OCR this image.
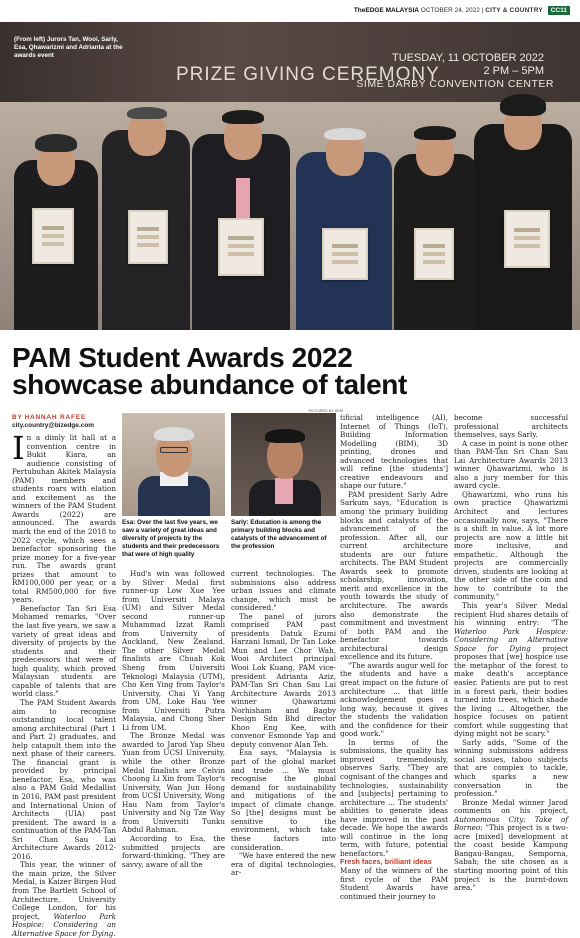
TheEDGE MALAYSIA OCTOBER 24, 2022 | CITY & COUNTRY CC11
PRIZE GIVING CEREMONY
TUESDAY, 11 OCTOBER 2022
2 PM – 5PM
SIME DARBY CONVENTION CENTER
(From left) Jurors Tan, Wooi, Sarly, Esa, Qhawarizmi and Adrianta at the awards event
PAM Student Awards 2022
showcase abundance of talent
BY HANNAH RAFEE
city.country@bizedge.com
PICTURES BY SKM

In a dimly lit hall at a convention centre in Bukit Kiara, an audience consisting of Pertubuhan Akitek Malaysia (PAM) members and students roars with elation and excitement as the winners of the PAM Student Awards (2022) are announced. The awards mark the end of the 2018 to 2022 cycle, which sees a benefactor sponsoring the prize money for a five-year run. The awards grant prizes that amount to RM100,000 per year, or a total RM500,000 for five years.

Benefactor Tan Sri Esa Mohamed remarks, "Over the last five years, we saw a variety of great ideas and diversity of projects by the students and their predecessors that were of high quality, which proved Malaysian students are capable of talents that are world class."

The PAM Student Awards aim to recognise outstanding local talent among architectural (Part 1 and Part 2) graduates, and help catapult them into the next phase of their careers. The financial grant is provided by principal benefactor, Esa, who was also a PAM Gold Medallist in 2016, PAM past president and International Union of Architects (UIA) past president. The award is a continuation of the PAM-Tan Sri Chan Sau Lai Architecture Awards 2012-2016.

This year, the winner of the main prize, the Silver Medal, is Kaizer Birgen Hud from The Bartlett School of Architecture, University College London, for his project, Waterloo Park Hospice: Considering an Alternative Space for Dying.

Esa: Over the last five years, we saw a variety of great ideas and diversity of projects by the students and their predecessors that were of high quality
Sarly: Education is among the primary building blocks and catalysts of the advancement of the profession

Hud's win was followed by Silver Medal first runner-up Low Xue Yee from Universiti Malaya (UM) and Silver Medal second runner-up Muhammad Izzat Ramli from University of Auckland, New Zealand. The other Silver Medal finalists are Chuah Kok Sheng from Universiti Teknologi Malaysia (UTM), Cho Ken Ying from Taylor's University, Chai Yi Yang from UM, Loke Hau Yee from Universiti Putra Malaysia, and Chong Sher Li from UM.

The Bronze Medal was awarded to Jarod Yap Sheu Yuan from UCSI University, while the other Bronze Medal finalists are Celvin Choong Li Xin from Taylor's University, Wan Jun Hong from UCSI University, Wong Hau Nam from Taylor's University and Ng Tze Way from Universiti Tunku Abdul Rahman.

According to Esa, the submitted projects are forward-thinking. "They are savvy, aware of all the

current technologies. The submissions also address urban issues and climate change, which must be considered."

The panel of jurors comprised PAM past presidents Datuk Ezumi Harzani Ismail, Dr Tan Loke Mun and Lee Chor Wah, Wooi Architect principal Wooi Lok Kuang, PAM vice-president Adrianta Aziz, PAM-Tan Sri Chan Sau Lai Architecture Awards 2013 winner Qhawarizmi Norhisham and Bagby Design Sdn Bhd director Khoo Eng Kee, with convenor Esmonde Yap and deputy convenor Alan Teh.

Esa says, "Malaysia is part of the global market and trade ... We must recognise the global demand for sustainability and mitigations of the impact of climate change. So [the] designs must be sensitive to the environment, which take these factors into consideration.

"We have entered the new era of digital technologies, ar-

tificial intelligence (AI), Internet of Things (IoT), Building Information Modelling (BIM), 3D printing, drones and advanced technologies that will refine [the students'] creative endeavours and shape our future."

PAM president Sarly Adre Sarkum says, "Education is among the primary building blocks and catalysts of the advancement of the profession. After all, our current architecture students are our future architects. The PAM Student Awards seek to promote scholarship, innovation, merit and excellence in the youth towards the study of architecture. The awards also demonstrate the commitment and investment of both PAM and the benefactor towards architectural design excellence and its future.

"The awards augur well for the students and have a great impact on the future of architecture ... that little acknowledgement goes a long way, because it gives the students the validation and the confidence for their good work."

In terms of the submissions, the quality has improved tremendously, observes Sarly. "They are cognisant of the changes and technologies, sustainability and [subjects] pertaining to architecture ... The students' abilities to generate ideas have improved in the past decade. We hope the awards will continue in the long term, with future, potential benefactors."

Fresh faces, brilliant ideas

Many of the winners of the first cycle of the PAM Student Awards have continued their journey to

become successful professional architects themselves, says Sarly.

A case in point is none other than PAM-Tan Sri Chan Sau Lai Architecture Awards 2013 winner Qhawarizmi, who is also a jury member for this award cycle.

Qhawarizmi, who runs his own practice Qhawarizmi Architect and lectures occasionally now, says, "There is a shift in value. A lot more projects are now a little bit more inclusive, and empathetic. Although the projects are commercially driven, students are looking at the other side of the coin and how to contribute to the community."

This year's Silver Medal recipient Hud shares details of his winning entry: "The Waterloo Park Hospice: Considering an Alternative Space for Dying project proposes that [we] hospice use the metaphor of the forest to make death's acceptance easier. Patients are put to rest in a forest park, their bodies turned into trees, which shade the living ... Altogether, the hospice focuses on patient comfort while suggesting that dying might not be scary."

Sarly adds, "Some of the winning submissions address social issues, taboo subjects that are complex to tackle, which sparks a new conversation in the profession."

Bronze Medal winner Jarod comments on his project, Autonomous City: Take of Borneo: "This project is a two-acre [mixed] development at the coast beside Kampung Bangau-Bangau, Semporna, Sabah; the site chosen as a starting mooring point of this project is the burnt-down area."
